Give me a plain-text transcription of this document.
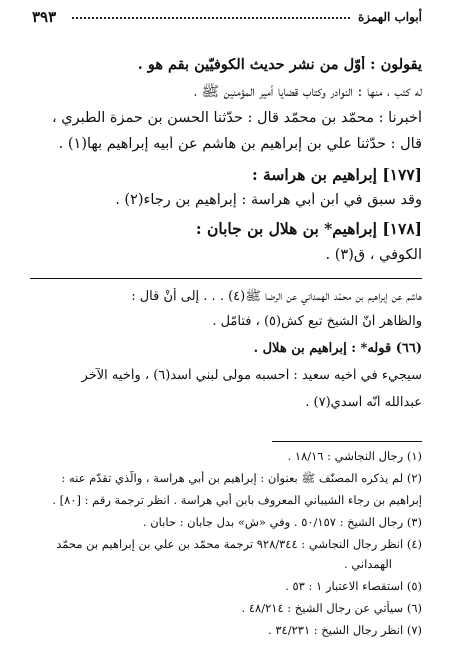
أبواب الهمزة
٣٩٣
يقولون : أوّل من نشر حديث الكوفيّين بقم هو .
له كتب ، منها : النوادر وكتاب قضايا أمير المؤمنين ﷺ ،
أخبرنا : محمّد بن محمّد قال : حدّثنا الحسن بن حمزة الطبري ،
قال : حدّثنا علي بن إبراهيم بن هاشم عن أبيه إبراهيم بها(١) .
[١٧٧] إبراهيم بن هراسة :
وقد سبق في ابن أبي هراسة : إبراهيم بن رجاء(٢) .
[١٧٨] إبراهيم* بن هلال بن جابان :
الكوفي ، ق(٣) .
هاشم عن إبراهيم بن محمّد الهمداني عن الرضا ﷺ(٤) . . . إلى أنْ قال :
والظاهر أنّ الشيخ تبع كش(٥) ، فتأمّل .
(٦٦) قوله* : إبراهيم بن هلال .
سيجيء في أخيه سعيد : أحسبه مولى لبني أسد(٦) ، وأخيه الآخر
عبدالله أنّه أسدي(٧) .
(١) رجال النجاشي : ١٨/١٦ .
(٢) لم يذكره المصنّف ﷺ بعنوان : إبراهيم بن أبي هراسة ، والّذي تقدّم عنه :
إبراهيم بن رجاء الشيباني المعروف بابن أبي هراسة . انظر ترجمة رقم : [٨٠] .
(٣) رجال الشيخ : ٥٠/١٥٧ . وفي «ش» بدل جابان : حابان .
(٤) انظر رجال النجاشي : ٩٢٨/٣٤٤ ترجمة محمّد بن علي بن إبراهيم بن محمّد
الهمداني .
(٥) استقصاء الاعتبار ١ : ٥٣ .
(٦) سيأتي عن رجال الشيخ : ٤٨/٢١٤ .
(٧) انظر رجال الشيخ : ٣٤/٢٣١ .
